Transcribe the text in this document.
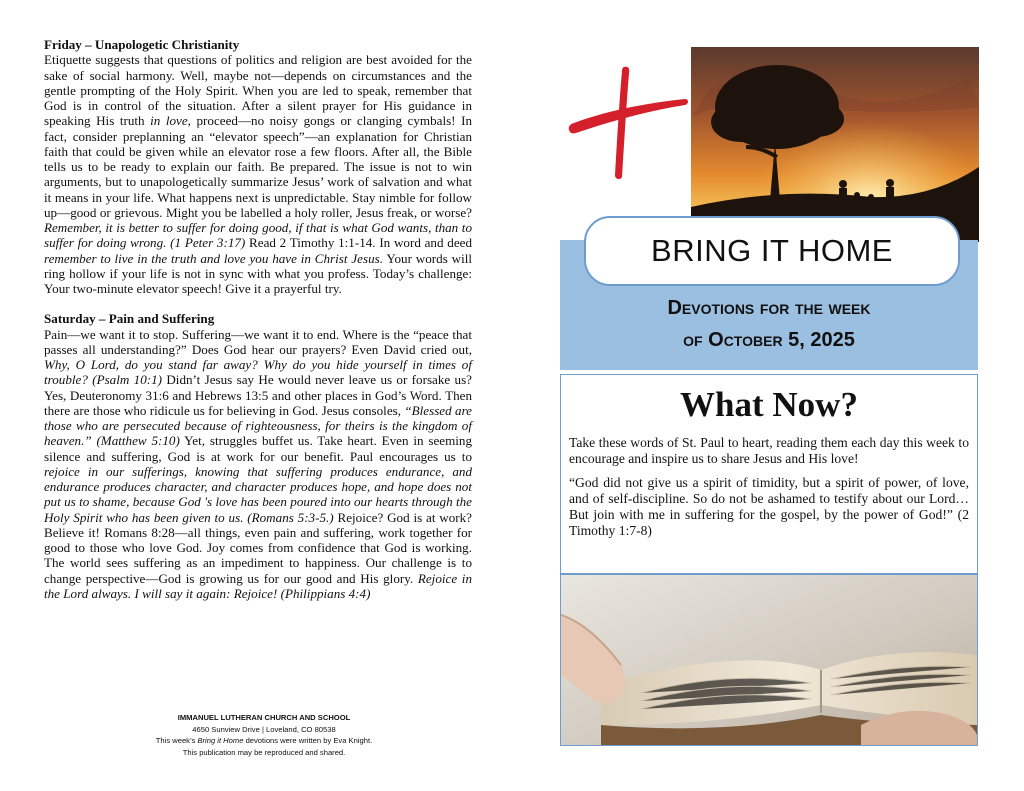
Friday – Unapologetic Christianity

Etiquette suggests that questions of politics and religion are best avoided for the sake of social harmony. Well, maybe not—depends on circumstances and the gentle prompting of the Holy Spirit. When you are led to speak, remember that God is in control of the situation. After a silent prayer for His guidance in speaking His truth in love, proceed—no noisy gongs or clanging cymbals! In fact, consider preplanning an “elevator speech”—an explanation for Christian faith that could be given while an elevator rose a few floors. After all, the Bible tells us to be ready to explain our faith. Be prepared. The issue is not to win arguments, but to unapologetically summarize Jesus’ work of salvation and what it means in your life. What happens next is unpredictable. Stay nimble for follow up—good or grievous. Might you be labelled a holy roller, Jesus freak, or worse? Remember, it is better to suffer for doing good, if that is what God wants, than to suffer for doing wrong. (1 Peter 3:17) Read 2 Timothy 1:1-14. In word and deed remember to live in the truth and love you have in Christ Jesus. Your words will ring hollow if your life is not in sync with what you profess. Today’s challenge: Your two-minute elevator speech! Give it a prayerful try.

Saturday – Pain and Suffering

Pain—we want it to stop. Suffering—we want it to end. Where is the “peace that passes all understanding?” Does God hear our prayers? Even David cried out, Why, O Lord, do you stand far away? Why do you hide yourself in times of trouble? (Psalm 10:1) Didn’t Jesus say He would never leave us or forsake us? Yes, Deuteronomy 31:6 and Hebrews 13:5 and other places in God’s Word. Then there are those who ridicule us for believing in God. Jesus consoles, “Blessed are those who are persecuted because of righteousness, for theirs is the kingdom of heaven.” (Matthew 5:10) Yet, struggles buffet us. Take heart. Even in seeming silence and suffering, God is at work for our benefit. Paul encourages us to rejoice in our sufferings, knowing that suffering produces endurance, and endurance produces character, and character produces hope, and hope does not put us to shame, because God 's love has been poured into our hearts through the Holy Spirit who has been given to us. (Romans 5:3-5.) Rejoice? God is at work? Believe it! Romans 8:28—all things, even pain and suffering, work together for good to those who love God. Joy comes from confidence that God is working. The world sees suffering as an impediment to happiness. Our challenge is to change perspective—God is growing us for our good and His glory. Rejoice in the Lord always. I will say it again: Rejoice! (Philippians 4:4)

IMMANUEL LUTHERAN CHURCH AND SCHOOL
4650 Sunview Drive | Loveland, CO 80538
This week’s Bring it Home devotions were written by Eva Knight.
This publication may be reproduced and shared.
BRING IT HOME
Devotions for the week
of October 5, 2025
What Now?

Take these words of St. Paul to heart, reading them each day this week to encourage and inspire us to share Jesus and His love!

“God did not give us a spirit of timidity, but a spirit of power, of love, and of self-discipline. So do not be ashamed to testify about our Lord… But join with me in suffering for the gospel, by the power of God!” (2 Timothy 1:7-8)
